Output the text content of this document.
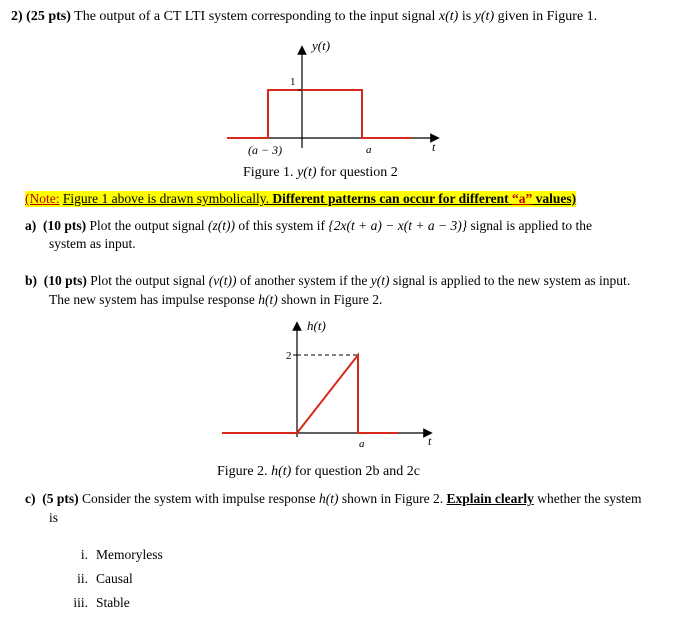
2) (25 pts) The output of a CT LTI system corresponding to the input signal x(t) is y(t) given in Figure 1.
y(t)
t
1
(a − 3)	a
Figure 1. y(t) for question 2
(Note: Figure 1 above is drawn symbolically. Different patterns can occur for different “a” values)
a) (10 pts) Plot the output signal (z(t)) of this system if {2x(t + a) − x(t + a − 3)} signal is applied to the
system as input.
b) (10 pts) Plot the output signal (v(t)) of another system if the y(t) signal is applied to the new system as input.
The new system has impulse response h(t) shown in Figure 2.
h(t)
t
2
a
Figure 2. h(t) for question 2b and 2c
c) (5 pts) Consider the system with impulse response h(t) shown in Figure 2. Explain clearly whether the system
is
i. Memoryless
ii. Causal
iii. Stable
